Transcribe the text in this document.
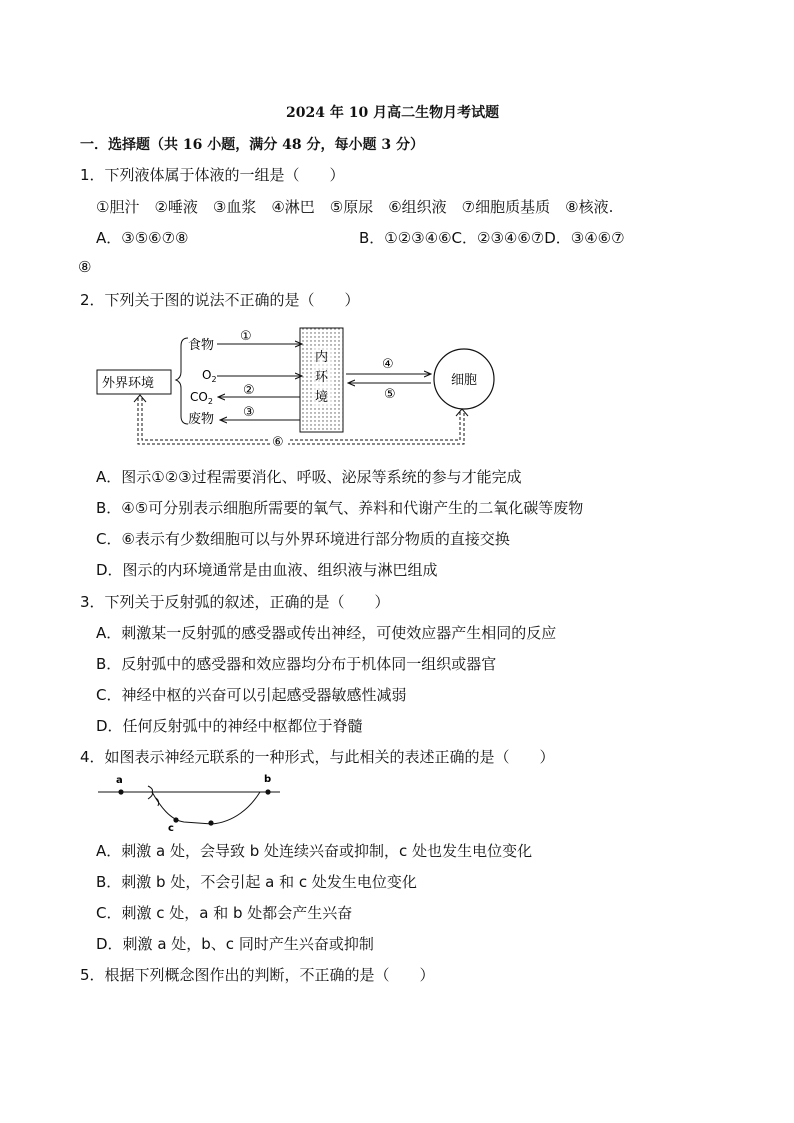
2024 年 10 月高二生物月考试题
一．选择题（共 16 小题，满分 48 分，每小题 3 分）
1．下列液体属于体液的一组是（　　）
①胆汁　②唾液　③血浆　④淋巴　⑤原尿　⑥组织液　⑦细胞质基质　⑧核液.
A．③⑤⑥⑦⑧	B．①②③④⑥C．②③④⑥⑦D．③④⑥⑦
⑧
2．下列关于图的说法不正确的是（　　）
外界环境
食物
$O_2$
$CO_2$
废物
①
②
③
内
环
境
④
⑤
细胞
⑥
A．图示①②③过程需要消化、呼吸、泌尿等系统的参与才能完成
B．④⑤可分别表示细胞所需要的氧气、养料和代谢产生的二氧化碳等废物
C．⑥表示有少数细胞可以与外界环境进行部分物质的直接交换
D．图示的内环境通常是由血液、组织液与淋巴组成
3．下列关于反射弧的叙述，正确的是（　　）
A．刺激某一反射弧的感受器或传出神经，可使效应器产生相同的反应
B．反射弧中的感受器和效应器均分布于机体同一组织或器官
C．神经中枢的兴奋可以引起感受器敏感性减弱
D．任何反射弧中的神经中枢都位于脊髓
4．如图表示神经元联系的一种形式，与此相关的表述正确的是（　　）
a	b
c
A．刺激 a 处，会导致 b 处连续兴奋或抑制，c 处也发生电位变化
B．刺激 b 处，不会引起 a 和 c 处发生电位变化
C．刺激 c 处，a 和 b 处都会产生兴奋
D．刺激 a 处，b、c 同时产生兴奋或抑制
5．根据下列概念图作出的判断，不正确的是（　　）
